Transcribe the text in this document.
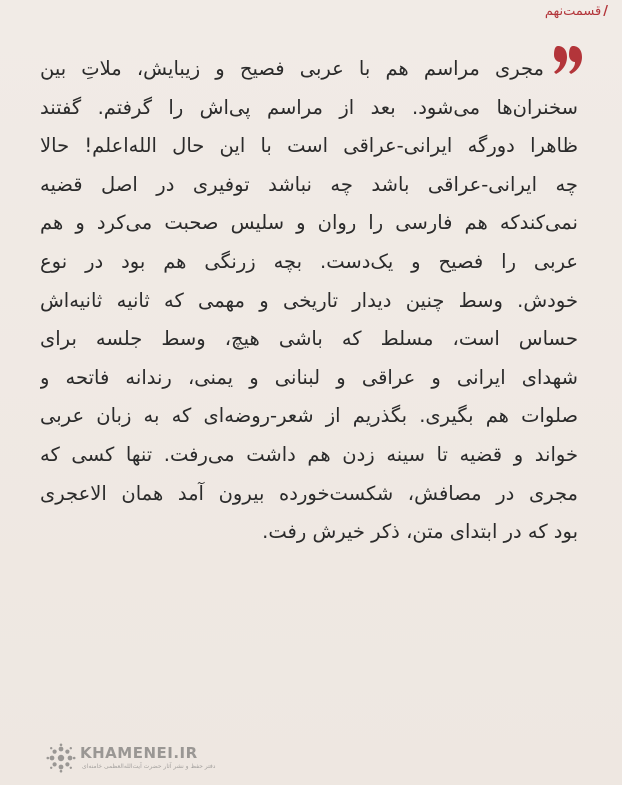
/قسمت‌نهم
مجری مراسم هم با عربی فصیح و زیبایش، ملاتِ بین
سخنران‌ها می‌شود. بعد از مراسم پی‌اش را گرفتم. گفتند
ظاهرا دورگه ایرانی-عراقی است با این حال الله‌اعلم! حالا
چه ایرانی-عراقی باشد چه نباشد توفیری در اصل قضیه
نمی‌کندکه هم فارسی را روان و سلیس صحبت می‌کرد و هم
عربی را فصیح و یک‌دست. بچه زرنگی هم بود در نوع
خودش. وسط چنین دیدار تاریخی و مهمی که ثانیه ثانیه‌اش
حساس است، مسلط که باشی هیچ، وسط جلسه برای
شهدای ایرانی و عراقی و لبنانی و یمنی، رندانه فاتحه و
صلوات هم بگیری. بگذریم از شعر-روضه‌ای که به زبان عربی
خواند و قضیه تا سینه زدن هم داشت می‌رفت. تنها کسی که
مجری در مصافش، شکست‌خورده بیرون آمد همان الاعجری
بود که در ابتدای متن، ذکر خیرش رفت.
KHAMENEI.IR
دفتر حفظ و نشر آثار حضرت آیت‌الله‌العظمی خامنه‌ای
